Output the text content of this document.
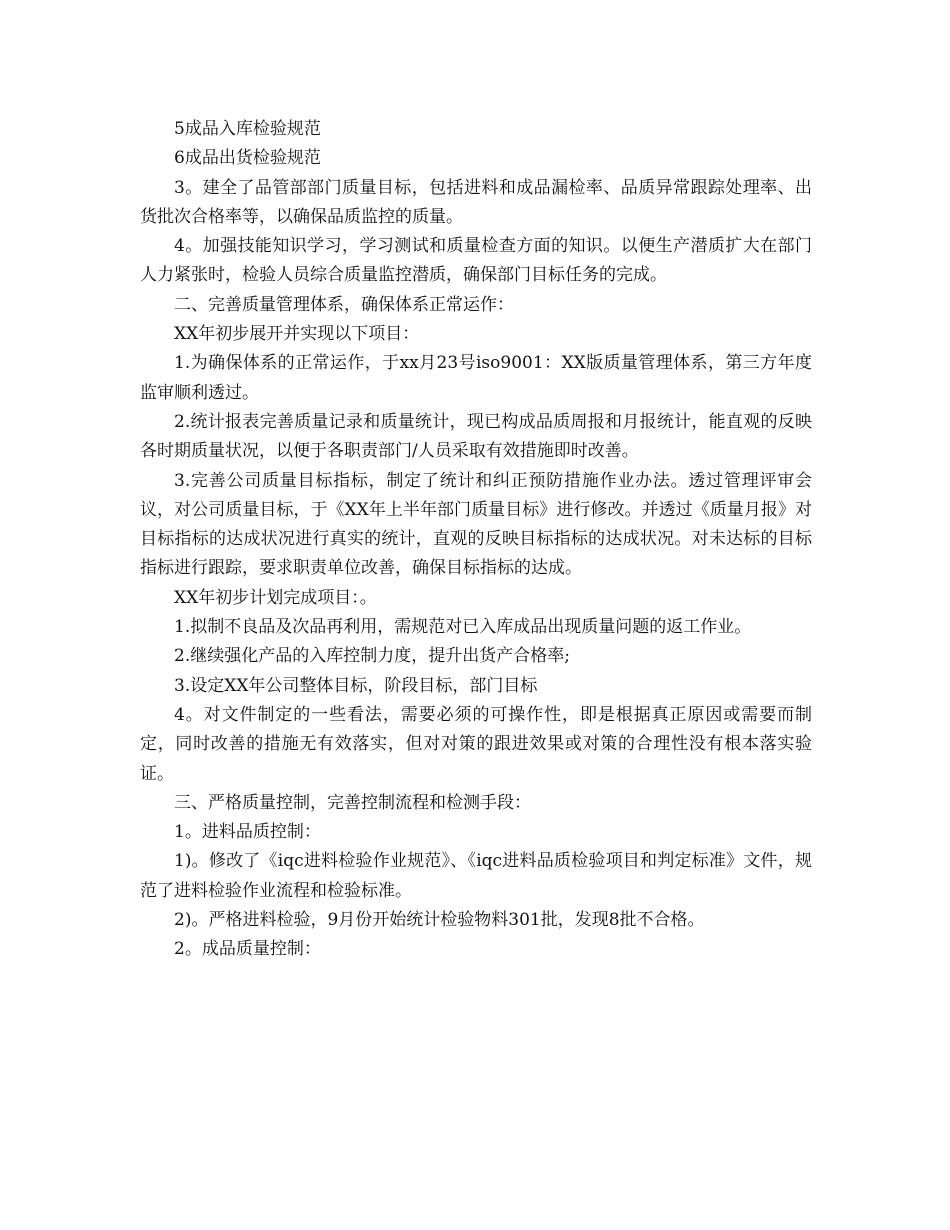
5成品入库检验规范

6成品出货检验规范

3。建全了品管部部门质量目标，包括进料和成品漏检率、品质异常跟踪处理率、出货批次合格率等，以确保品质监控的质量。

4。加强技能知识学习，学习测试和质量检查方面的知识。以便生产潜质扩大在部门人力紧张时，检验人员综合质量监控潜质，确保部门目标任务的完成。

二、完善质量管理体系，确保体系正常运作：

XX年初步展开并实现以下项目：

1.为确保体系的正常运作，于xx月23号iso9001：XX版质量管理体系，第三方年度监审顺利透过。

2.统计报表完善质量记录和质量统计，现已构成品质周报和月报统计，能直观的反映各时期质量状况，以便于各职责部门/人员采取有效措施即时改善。

3.完善公司质量目标指标，制定了统计和纠正预防措施作业办法。透过管理评审会议，对公司质量目标，于《XX年上半年部门质量目标》进行修改。并透过《质量月报》对目标指标的达成状况进行真实的统计，直观的反映目标指标的达成状况。对未达标的目标指标进行跟踪，要求职责单位改善，确保目标指标的达成。

XX年初步计划完成项目：。

1.拟制不良品及次品再利用，需规范对已入库成品出现质量问题的返工作业。

2.继续强化产品的入库控制力度，提升出货产合格率;

3.设定XX年公司整体目标，阶段目标，部门目标

4。对文件制定的一些看法，需要必须的可操作性，即是根据真正原因或需要而制定，同时改善的措施无有效落实，但对对策的跟进效果或对策的合理性没有根本落实验证。

三、严格质量控制，完善控制流程和检测手段：

1。进料品质控制：

1)。修改了《iqc进料检验作业规范》、《iqc进料品质检验项目和判定标准》文件，规范了进料检验作业流程和检验标准。

2)。严格进料检验，9月份开始统计检验物料301批，发现8批不合格。

2。成品质量控制：
